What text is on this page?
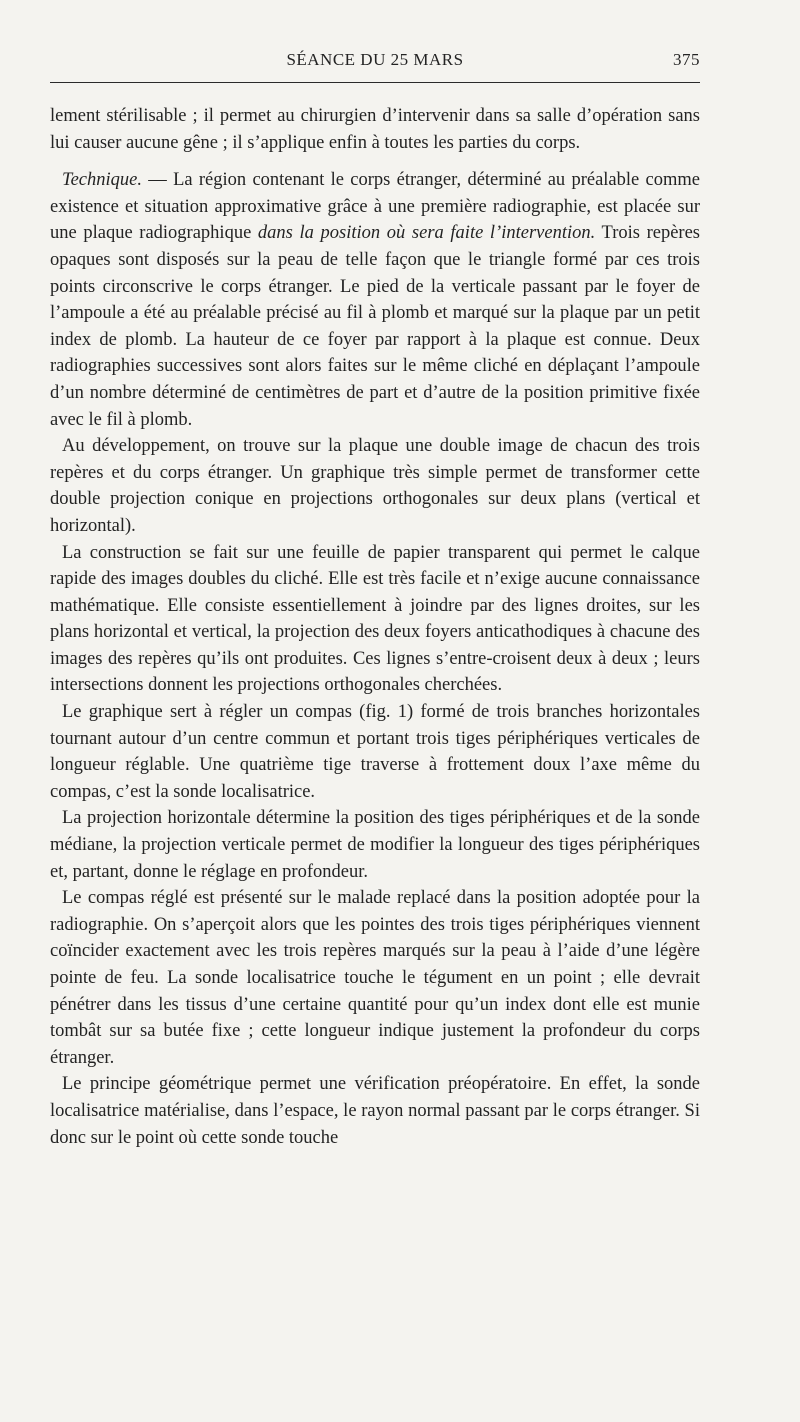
SÉANCE DU 25 MARS	375

lement stérilisable ; il permet au chirurgien d’intervenir dans sa salle d’opération sans lui causer aucune gêne ; il s’applique enfin à toutes les parties du corps.

Technique. — La région contenant le corps étranger, déterminé au préalable comme existence et situation approximative grâce à une première radiographie, est placée sur une plaque radiographique dans la position où sera faite l’intervention. Trois repères opaques sont disposés sur la peau de telle façon que le triangle formé par ces trois points circonscrive le corps étranger. Le pied de la verticale passant par le foyer de l’ampoule a été au préalable précisé au fil à plomb et marqué sur la plaque par un petit index de plomb. La hauteur de ce foyer par rapport à la plaque est connue. Deux radiographies successives sont alors faites sur le même cliché en déplaçant l’ampoule d’un nombre déterminé de centimètres de part et d’autre de la position primitive fixée avec le fil à plomb.

Au développement, on trouve sur la plaque une double image de chacun des trois repères et du corps étranger. Un graphique très simple permet de transformer cette double projection conique en projections orthogonales sur deux plans (vertical et horizontal).

La construction se fait sur une feuille de papier transparent qui permet le calque rapide des images doubles du cliché. Elle est très facile et n’exige aucune connaissance mathématique. Elle consiste essentiellement à joindre par des lignes droites, sur les plans horizontal et vertical, la projection des deux foyers anticathodiques à chacune des images des repères qu’ils ont produites. Ces lignes s’entre-croisent deux à deux ; leurs intersections donnent les projections orthogonales cherchées.

Le graphique sert à régler un compas (fig. 1) formé de trois branches horizontales tournant autour d’un centre commun et portant trois tiges périphériques verticales de longueur réglable. Une quatrième tige traverse à frottement doux l’axe même du compas, c’est la sonde localisatrice.

La projection horizontale détermine la position des tiges périphériques et de la sonde médiane, la projection verticale permet de modifier la longueur des tiges périphériques et, partant, donne le réglage en profondeur.

Le compas réglé est présenté sur le malade replacé dans la position adoptée pour la radiographie. On s’aperçoit alors que les pointes des trois tiges périphériques viennent coïncider exactement avec les trois repères marqués sur la peau à l’aide d’une légère pointe de feu. La sonde localisatrice touche le tégument en un point ; elle devrait pénétrer dans les tissus d’une certaine quantité pour qu’un index dont elle est munie tombât sur sa butée fixe ; cette longueur indique justement la profondeur du corps étranger.

Le principe géométrique permet une vérification préopératoire. En effet, la sonde localisatrice matérialise, dans l’espace, le rayon normal passant par le corps étranger. Si donc sur le point où cette sonde touche
